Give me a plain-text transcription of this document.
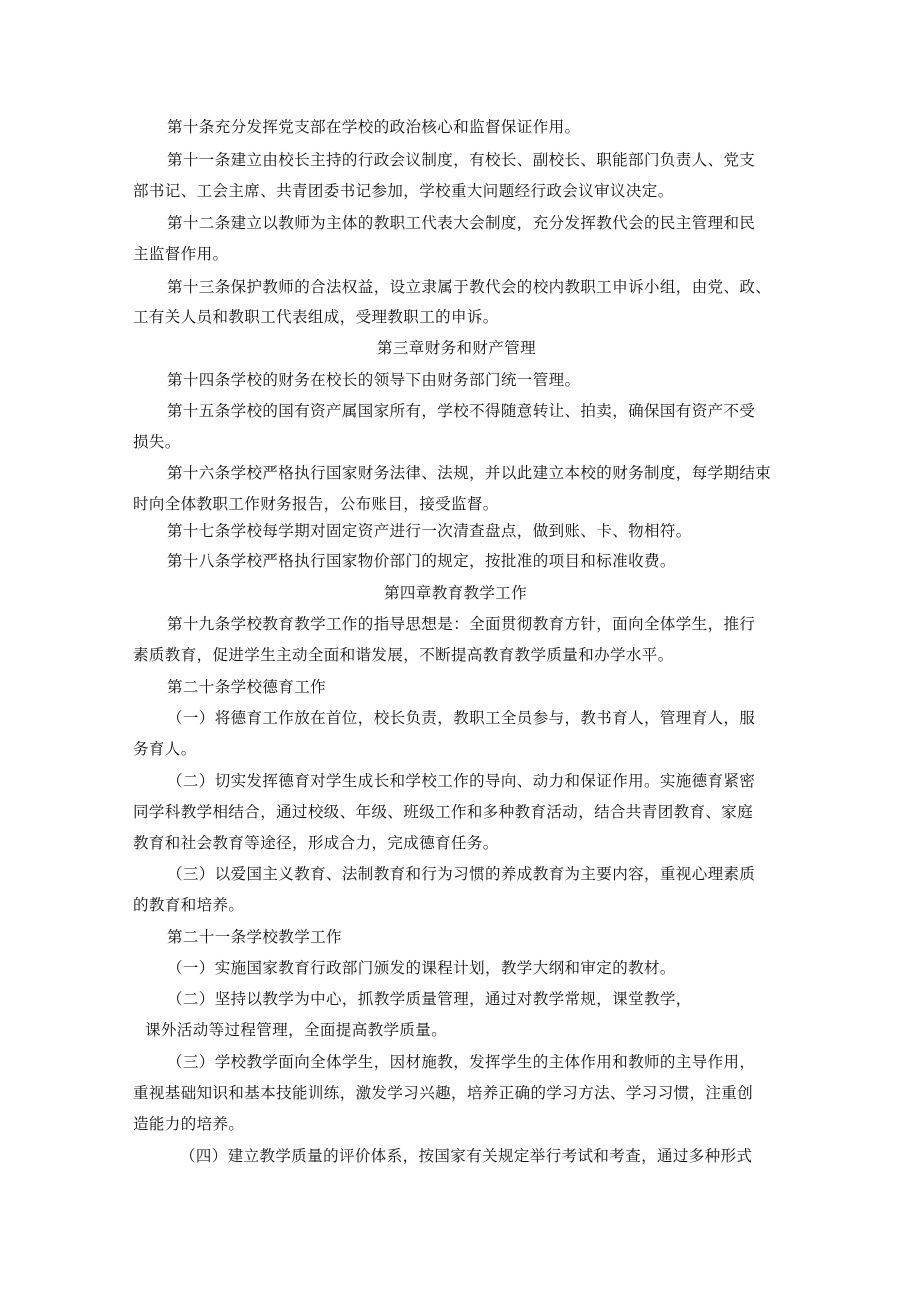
第十条充分发挥党支部在学校的政治核心和监督保证作用。

第十一条建立由校长主持的行政会议制度，有校长、副校长、职能部门负责人、党支

部书记、工会主席、共青团委书记参加，学校重大问题经行政会议审议决定。

第十二条建立以教师为主体的教职工代表大会制度，充分发挥教代会的民主管理和民

主监督作用。

第十三条保护教师的合法权益，设立隶属于教代会的校内教职工申诉小组，由党、政、

工有关人员和教职工代表组成，受理教职工的申诉。

第三章财务和财产管理

第十四条学校的财务在校长的领导下由财务部门统一管理。

第十五条学校的国有资产属国家所有，学校不得随意转让、拍卖，确保国有资产不受

损失。

第十六条学校严格执行国家财务法律、法规，并以此建立本校的财务制度，每学期结束

时向全体教职工作财务报告，公布账目，接受监督。

第十七条学校每学期对固定资产进行一次清查盘点，做到账、卡、物相符。

第十八条学校严格执行国家物价部门的规定，按批准的项目和标准收费。

第四章教育教学工作

第十九条学校教育教学工作的指导思想是：全面贯彻教育方针，面向全体学生，推行

素质教育，促进学生主动全面和谐发展，不断提高教育教学质量和办学水平。

第二十条学校德育工作

（一）将德育工作放在首位，校长负责，教职工全员参与，教书育人，管理育人，服

务育人。

（二）切实发挥德育对学生成长和学校工作的导向、动力和保证作用。实施德育紧密

同学科教学相结合，通过校级、年级、班级工作和多种教育活动，结合共青团教育、家庭

教育和社会教育等途径，形成合力，完成德育任务。

（三）以爱国主义教育、法制教育和行为习惯的养成教育为主要内容，重视心理素质

的教育和培养。

第二十一条学校教学工作

（一）实施国家教育行政部门颁发的课程计划，教学大纲和审定的教材。

（二）坚持以教学为中心，抓教学质量管理，通过对教学常规，课堂教学，

课外活动等过程管理，全面提高教学质量。

（三）学校教学面向全体学生，因材施教，发挥学生的主体作用和教师的主导作用，

重视基础知识和基本技能训练，激发学习兴趣，培养正确的学习方法、学习习惯，注重创

造能力的培养。

（四）建立教学质量的评价体系，按国家有关规定举行考试和考查，通过多种形式
